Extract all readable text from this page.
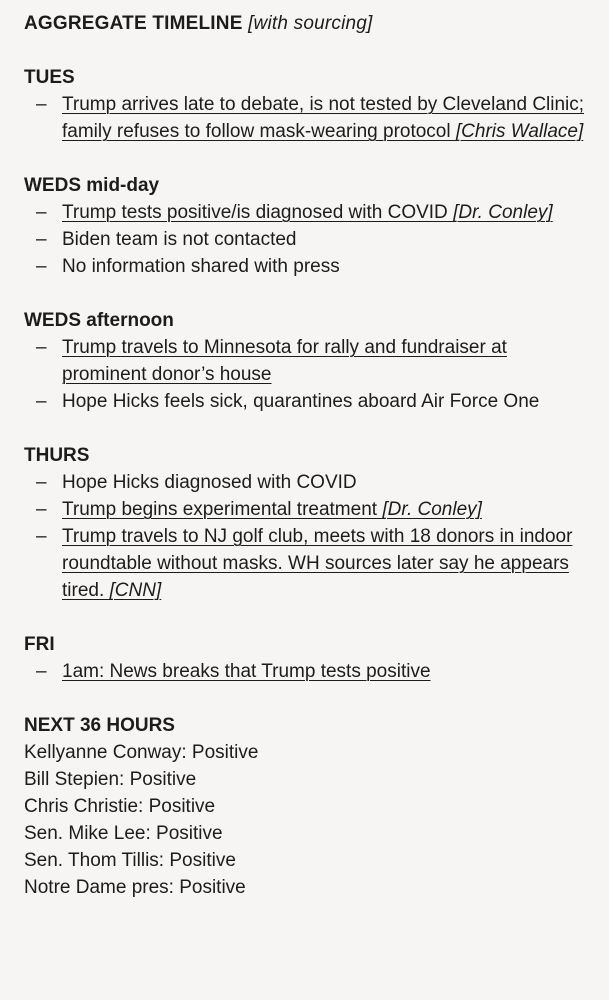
AGGREGATE TIMELINE [with sourcing]
TUES
– Trump arrives late to debate, is not tested by Cleveland Clinic; family refuses to follow mask-wearing protocol [Chris Wallace]
WEDS mid-day
– Trump tests positive/is diagnosed with COVID [Dr. Conley]
– Biden team is not contacted
– No information shared with press
WEDS afternoon
– Trump travels to Minnesota for rally and fundraiser at prominent donor’s house
– Hope Hicks feels sick, quarantines aboard Air Force One
THURS
– Hope Hicks diagnosed with COVID
– Trump begins experimental treatment [Dr. Conley]
– Trump travels to NJ golf club, meets with 18 donors in indoor roundtable without masks. WH sources later say he appears tired. [CNN]
FRI
– 1am: News breaks that Trump tests positive
NEXT 36 HOURS

Kellyanne Conway: Positive

Bill Stepien: Positive

Chris Christie: Positive

Sen. Mike Lee: Positive

Sen. Thom Tillis: Positive

Notre Dame pres: Positive
